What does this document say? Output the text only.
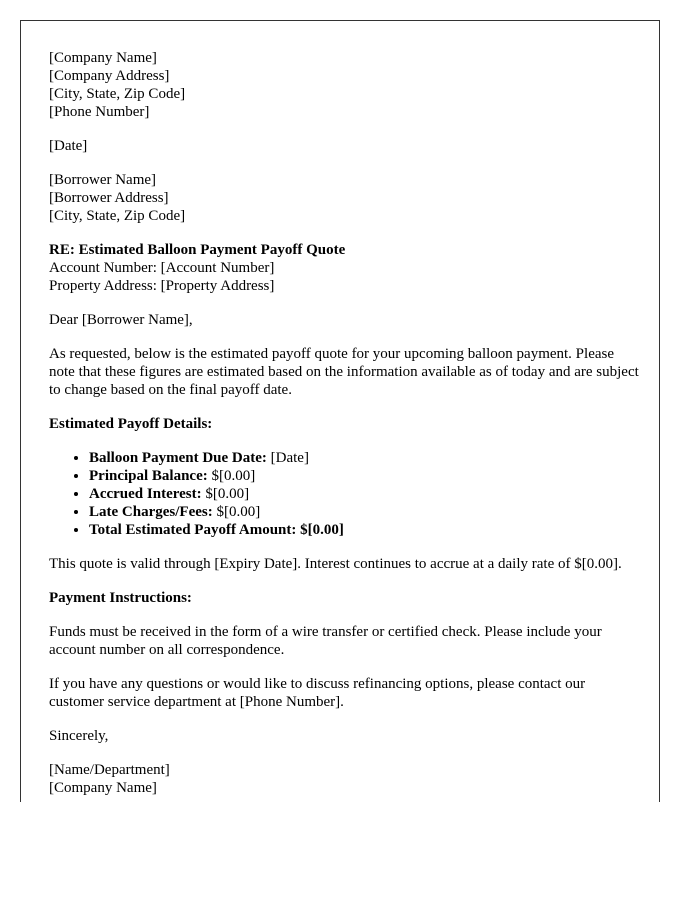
[Company Name]
[Company Address]
[City, State, Zip Code]
[Phone Number]

[Date]

[Borrower Name]
[Borrower Address]
[City, State, Zip Code]

RE: Estimated Balloon Payment Payoff Quote
Account Number: [Account Number]
Property Address: [Property Address]

Dear [Borrower Name],

As requested, below is the estimated payoff quote for your upcoming balloon payment. Please note that these figures are estimated based on the information available as of today and are subject to change based on the final payoff date.

Estimated Payoff Details:

• Balloon Payment Due Date: [Date]
• Principal Balance: $[0.00]
• Accrued Interest: $[0.00]
• Late Charges/Fees: $[0.00]
• Total Estimated Payoff Amount: $[0.00]

This quote is valid through [Expiry Date]. Interest continues to accrue at a daily rate of $[0.00].

Payment Instructions:

Funds must be received in the form of a wire transfer or certified check. Please include your account number on all correspondence.

If you have any questions or would like to discuss refinancing options, please contact our customer service department at [Phone Number].

Sincerely,

[Name/Department]
[Company Name]
